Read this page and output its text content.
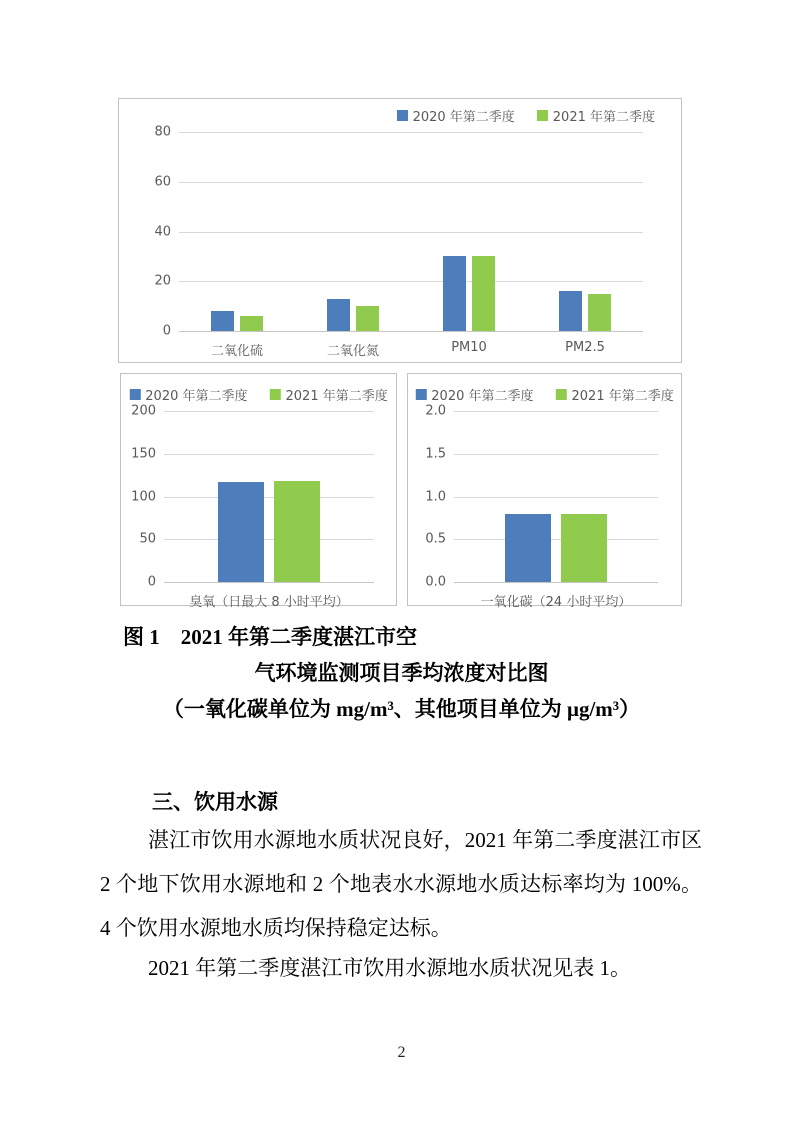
2020 年第二季度	2021 年第二季度
0
20
40
60
80
二氧化硫	二氧化氮	PM10	PM2.5
2020 年第二季度	2021 年第二季度
0
50
100
150
200
臭氧（日最大 8 小时平均）
2020 年第二季度	2021 年第二季度
0.0
0.5
1.0
1.5
2.0
一氧化碳（24 小时平均）
图 1　2021 年第二季度湛江市空
气环境监测项目季均浓度对比图
（一氧化碳单位为 mg/m³、其他项目单位为 μg/m³）
三、饮用水源

湛江市饮用水源地水质状况良好，2021 年第二季度湛江市区 2 个地下饮用水源地和 2 个地表水水源地水质达标率均为 100%。4 个饮用水源地水质均保持稳定达标。

2021 年第二季度湛江市饮用水源地水质状况见表 1。

2
